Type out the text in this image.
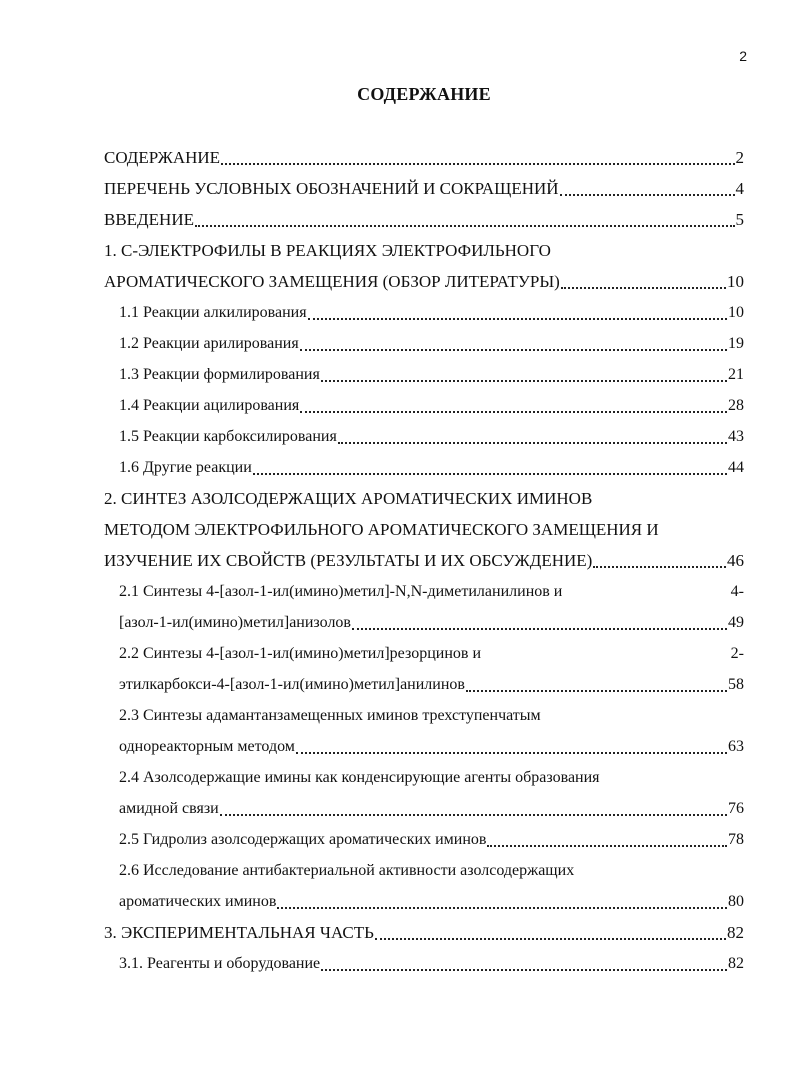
2
СОДЕРЖАНИЕ
СОДЕРЖАНИЕ	2
ПЕРЕЧЕНЬ УСЛОВНЫХ ОБОЗНАЧЕНИЙ И СОКРАЩЕНИЙ	4
ВВЕДЕНИЕ	5
1. С-ЭЛЕКТРОФИЛЫ В РЕАКЦИЯХ ЭЛЕКТРОФИЛЬНОГО
АРОМАТИЧЕСКОГО ЗАМЕЩЕНИЯ (ОБЗОР ЛИТЕРАТУРЫ)	10
1.1 Реакции алкилирования	10
1.2 Реакции арилирования	19
1.3 Реакции формилирования	21
1.4 Реакции ацилирования	28
1.5 Реакции карбоксилирования	43
1.6 Другие реакции	44
2. СИНТЕЗ АЗОЛСОДЕРЖАЩИХ АРОМАТИЧЕСКИХ ИМИНОВ
МЕТОДОМ ЭЛЕКТРОФИЛЬНОГО АРОМАТИЧЕСКОГО ЗАМЕЩЕНИЯ И
ИЗУЧЕНИЕ ИХ СВОЙСТВ (РЕЗУЛЬТАТЫ И ИХ ОБСУЖДЕНИЕ)	46
2.1 Синтезы 4-[азол-1-ил(имино)метил]-N,N-диметиланилинов и	4-
[азол-1-ил(имино)метил]анизолов	49
2.2 Синтезы 4-[азол-1-ил(имино)метил]резорцинов и	2-
этилкарбокси-4-[азол-1-ил(имино)метил]анилинов	58
2.3 Синтезы адамантанзамещенных иминов трехступенчатым
однореакторным методом	63
2.4 Азолсодержащие имины как конденсирующие агенты образования
амидной связи	76
2.5 Гидролиз азолсодержащих ароматических иминов	78
2.6 Исследование антибактериальной активности азолсодержащих
ароматических иминов	80
3. ЭКСПЕРИМЕНТАЛЬНАЯ ЧАСТЬ	82
3.1. Реагенты и оборудование	82
